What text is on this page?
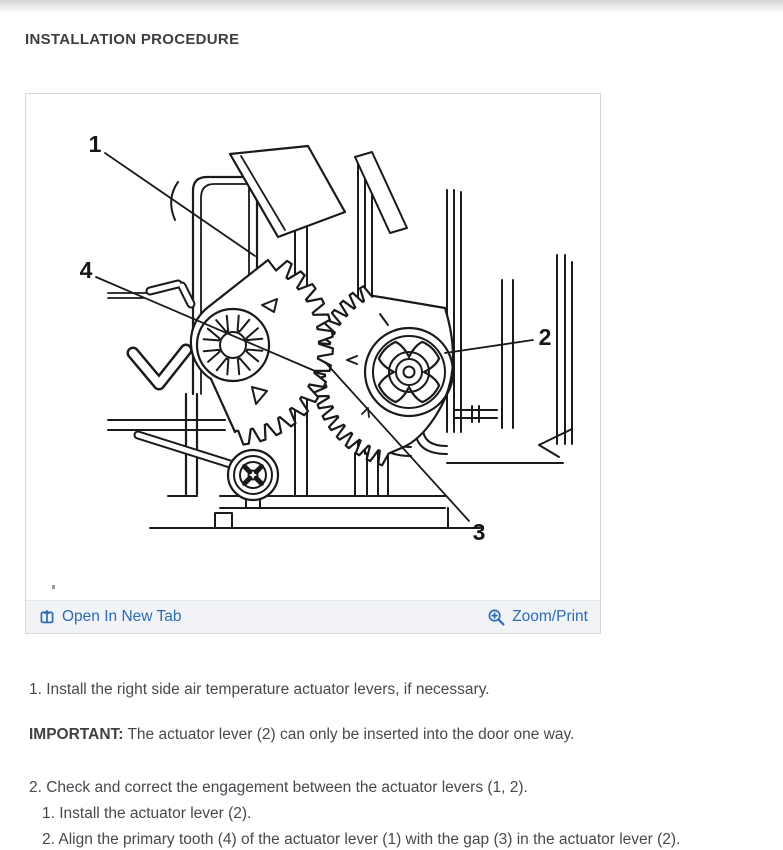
INSTALLATION PROCEDURE
1
2
3
4
Open In New Tab	Zoom/Print

1. Install the right side air temperature actuator levers, if necessary.

IMPORTANT: The actuator lever (2) can only be inserted into the door one way.

2. Check and correct the engagement between the actuator levers (1, 2).

1. Install the actuator lever (2).

2. Align the primary tooth (4) of the actuator lever (1) with the gap (3) in the actuator lever (2).
